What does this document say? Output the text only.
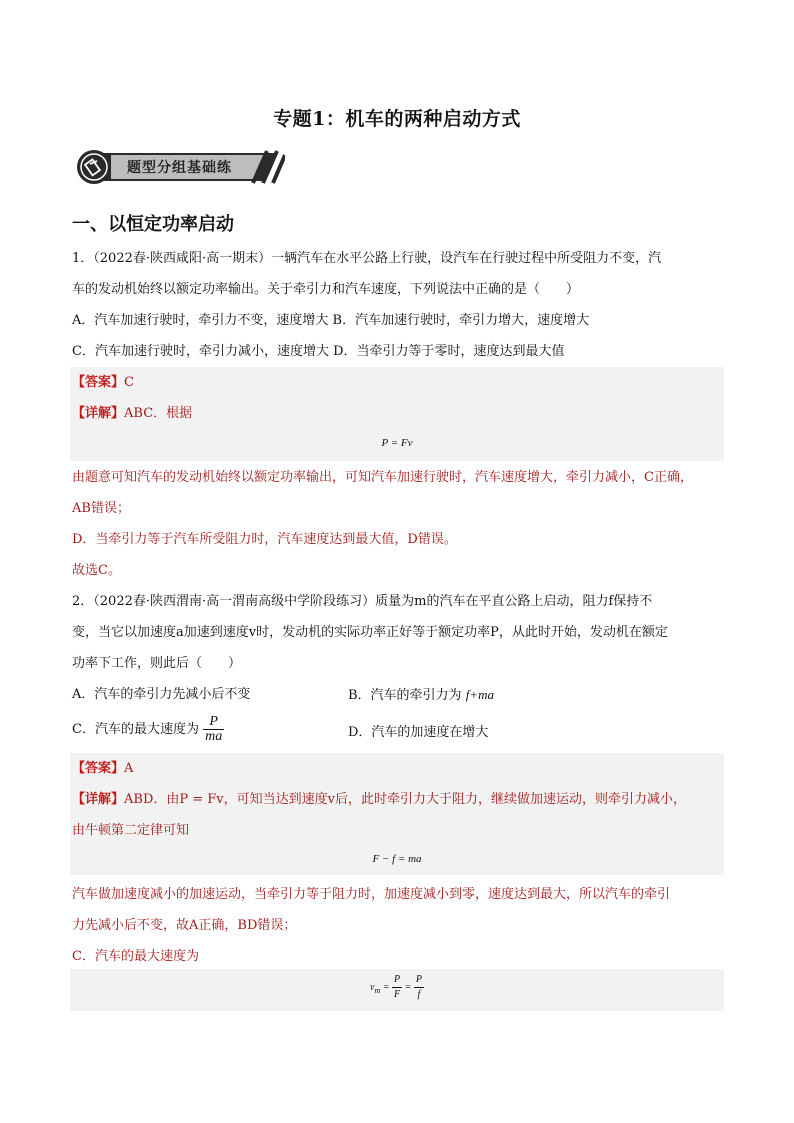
专题1：机车的两种启动方式
题型分组基础练
一、以恒定功率启动
1．（2022春·陕西咸阳·高一期末）一辆汽车在水平公路上行驶，设汽车在行驶过程中所受阻力不变，汽
车的发动机始终以额定功率输出。关于牵引力和汽车速度，下列说法中正确的是（　　）
A．汽车加速行驶时，牵引力不变，速度增大 B．汽车加速行驶时，牵引力增大，速度增大
C．汽车加速行驶时，牵引力减小，速度增大 D．当牵引力等于零时，速度达到最大值
【答案】C
【详解】ABC．根据
P = Fv
由题意可知汽车的发动机始终以额定功率输出，可知汽车加速行驶时，汽车速度增大，牵引力减小，C正确，
AB错误；
D．当牵引力等于汽车所受阻力时，汽车速度达到最大值，D错误。
故选C。
2．（2022春·陕西渭南·高一渭南高级中学阶段练习）质量为m的汽车在平直公路上启动，阻力f保持不
变，当它以加速度a加速到速度v时，发动机的实际功率正好等于额定功率P，从此时开始，发动机在额定
功率下工作，则此后（　　）
A．汽车的牵引力先减小后不变	B．汽车的牵引力为 f+ma
C．汽车的最大速度为 $\frac{P}{ma}$	D．汽车的加速度在增大
【答案】A
【详解】ABD．由P = Fv，可知当达到速度v后，此时牵引力大于阻力，继续做加速运动，则牵引力减小，
由牛顿第二定律可知
F − f = ma
汽车做加速度减小的加速运动，当牵引力等于阻力时，加速度减小到零，速度达到最大，所以汽车的牵引
力先减小后不变，故A正确，BD错误；
C．汽车的最大速度为
$v_m = \frac{P}{F} = \frac{P}{f}$
